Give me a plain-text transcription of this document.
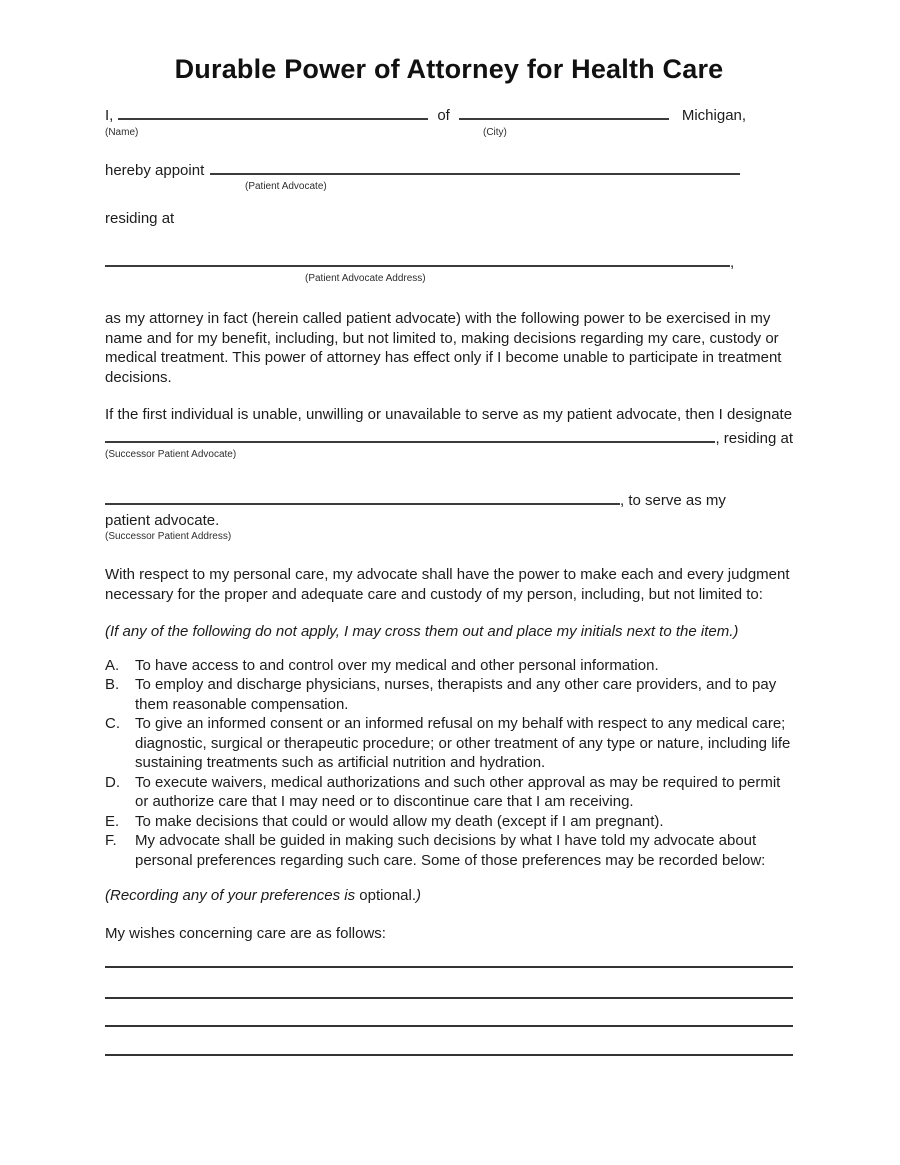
Durable Power of Attorney for Health Care
I,	of	Michigan,
(Name)	(City)
hereby appoint
(Patient Advocate)
residing at
,
(Patient Advocate Address)
as my attorney in fact (herein called patient advocate) with the following power to be exercised in my name and for my benefit, including, but not limited to, making decisions regarding my care, custody or medical treatment. This power of attorney has effect only if I become unable to participate in treatment decisions.
If the first individual is unable, unwilling or unavailable to serve as my patient advocate, then I designate
, residing at
(Successor Patient Advocate)
, to serve as my
patient advocate.
(Successor Patient Address)
With respect to my personal care, my advocate shall have the power to make each and every judgment necessary for the proper and adequate care and custody of my person, including, but not limited to:
(If any of the following do not apply, I may cross them out and place my initials next to the item.)
A.	To have access to and control over my medical and other personal information.
B.	To employ and discharge physicians, nurses, therapists and any other care providers, and to pay them reasonable compensation.
C.	To give an informed consent or an informed refusal on my behalf with respect to any medical care; diagnostic, surgical or therapeutic procedure; or other treatment of any type or nature, including life sustaining treatments such as artificial nutrition and hydration.
D.	To execute waivers, medical authorizations and such other approval as may be required to permit or authorize care that I may need or to discontinue care that I am receiving.
E.	To make decisions that could or would allow my death (except if I am pregnant).
F.	My advocate shall be guided in making such decisions by what I have told my advocate about personal preferences regarding such care. Some of those preferences may be recorded below:
(Recording any of your preferences is optional.)
My wishes concerning care are as follows:
